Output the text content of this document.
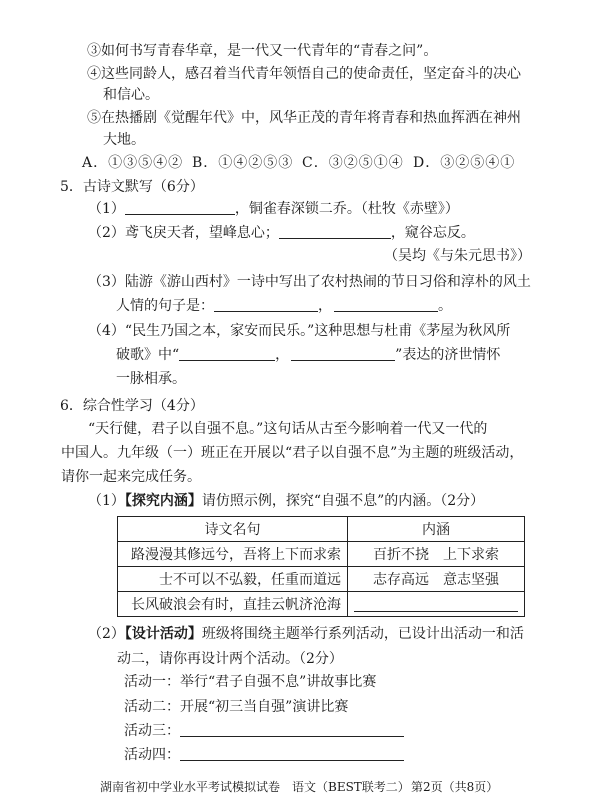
③如何书写青春华章，是一代又一代青年的“青春之问”。
④这些同龄人，感召着当代青年领悟自己的使命责任，坚定奋斗的决心
和信心。
⑤在热播剧《觉醒年代》中，风华正茂的青年将青春和热血挥洒在神州
大地。
A．①③⑤④② B．①④②⑤③ C．③②⑤①④ D．③②⑤④①
5．古诗文默写（6分）
（1）	，铜雀春深锁二乔。（杜牧《赤壁》）
（2）鸢飞戾天者，望峰息心；	，窥谷忘反。
（吴均《与朱元思书》）
（3）陆游《游山西村》一诗中写出了农村热闹的节日习俗和淳朴的风土
人情的句子是：	，	。
（4）“民生乃国之本，家安而民乐。”这种思想与杜甫《茅屋为秋风所
破歌》中“	，	”表达的济世情怀
一脉相承。
6．综合性学习（4分）
“天行健，君子以自强不息。”这句话从古至今影响着一代又一代的
中国人。九年级（一）班正在开展以“君子以自强不息”为主题的班级活动，
请你一起来完成任务。
（1）【探究内涵】请仿照示例，探究“自强不息”的内涵。（2分）
诗文名句	内涵
路漫漫其修远兮，吾将上下而求索	百折不挠　上下求索
士不可以不弘毅，任重而道远	志存高远　意志坚强
长风破浪会有时，直挂云帆济沧海	
（2）【设计活动】班级将围绕主题举行系列活动，已设计出活动一和活
动二，请你再设计两个活动。（2分）
活动一：举行“君子自强不息”讲故事比赛
活动二：开展“初三当自强”演讲比赛
活动三：
活动四：
湖南省初中学业水平考试模拟试卷　语文（BEST联考二） 第2页（共8页）
